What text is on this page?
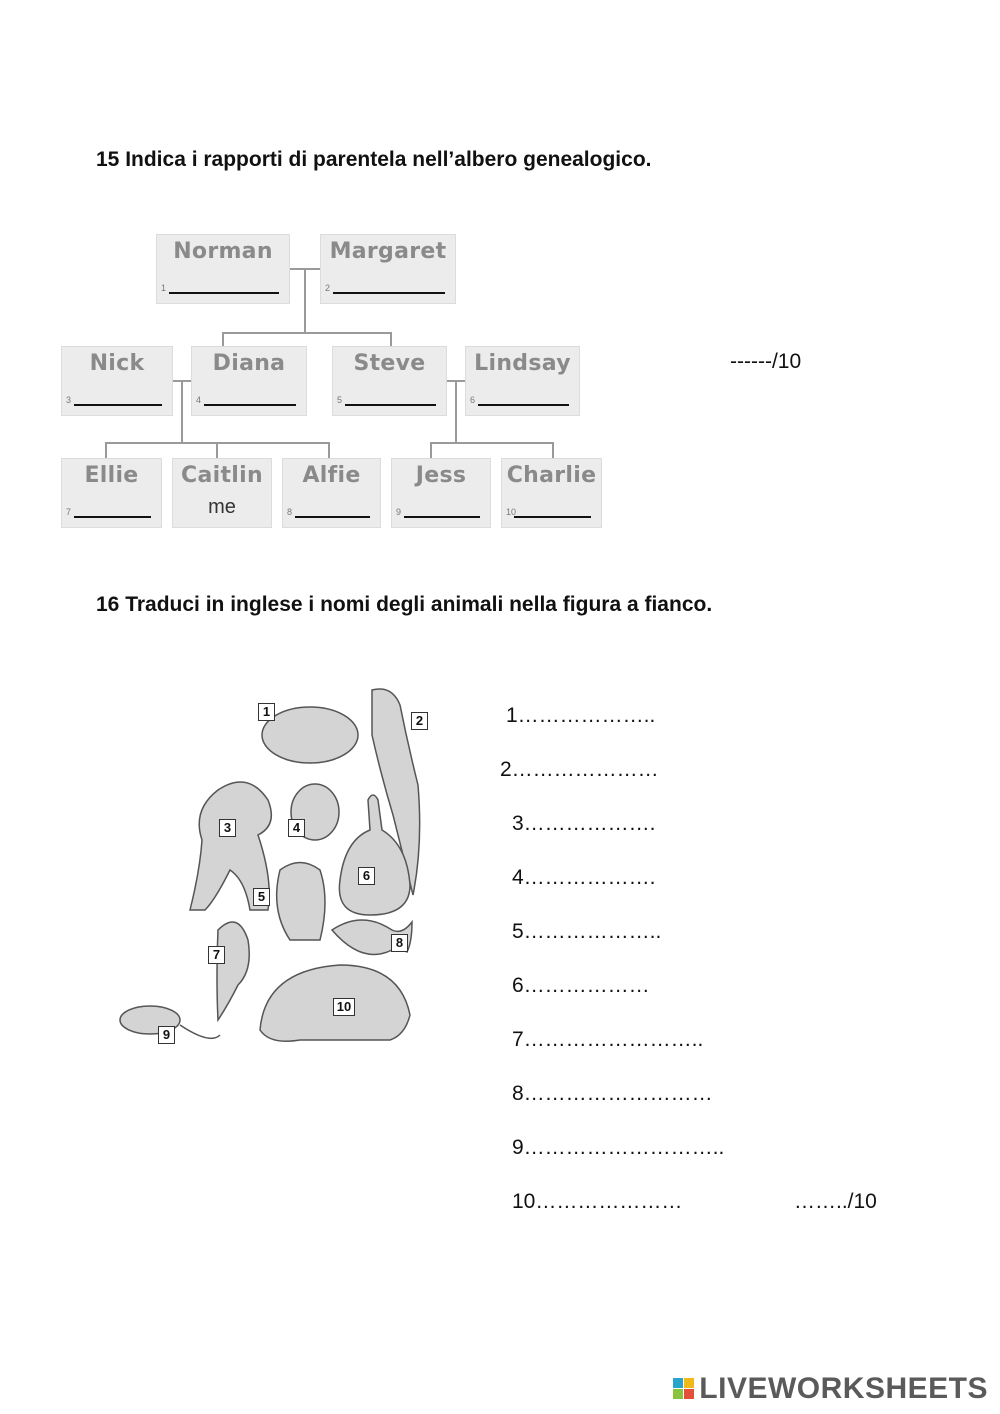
15 Indica i rapporti di parentela nell’albero genealogico.
Norman
1
Margaret
2
Nick
3
Diana
4
Steve
5
Lindsay
6
Ellie
7
Caitlin
me
Alfie
8
Jess
9
Charlie
10
------/10
16 Traduci in inglese i nomi degli animali nella figura a fianco.
1
2
3	4
6
5
7
8
9
10
1………………..
2…………………
3……………….
4……………….
5………………..
6………………
7……………………..
8………………………
9………………………..
10…………………	……../10
LIVEWORKSHEETS
